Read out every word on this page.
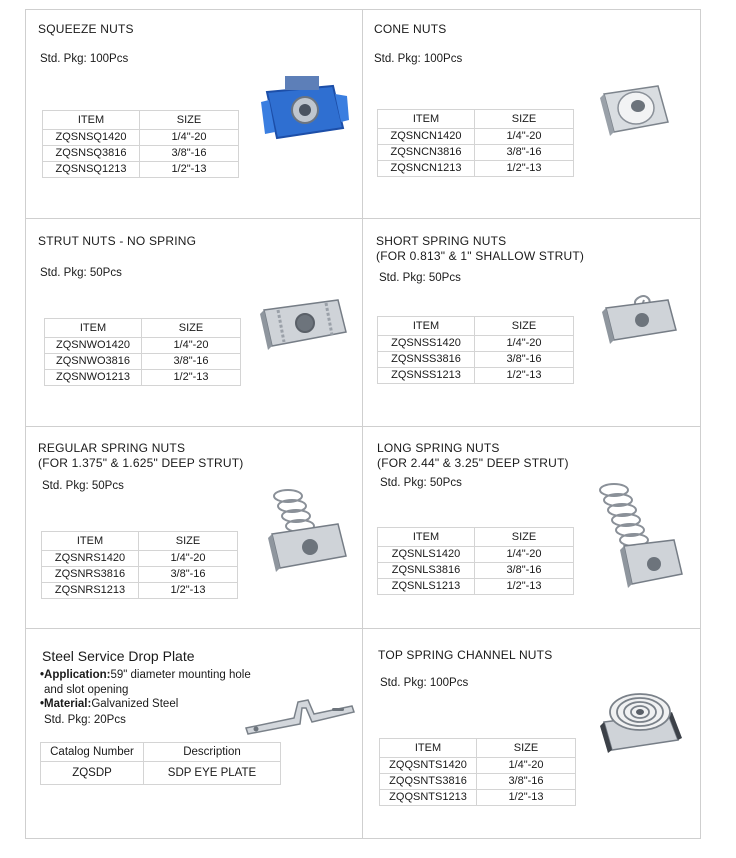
SQUEEZE NUTS
Std. Pkg: 100Pcs
ITEM	SIZE
ZQSNSQ1420	1/4"-20
ZQSNSQ3816	3/8"-16
ZQSNSQ1213	1/2"-13
CONE NUTS
Std. Pkg: 100Pcs
ITEM	SIZE
ZQSNCN1420	1/4"-20
ZQSNCN3816	3/8"-16
ZQSNCN1213	1/2"-13
STRUT NUTS - NO SPRING
Std. Pkg: 50Pcs
ITEM	SIZE
ZQSNWO1420	1/4"-20
ZQSNWO3816	3/8"-16
ZQSNWO1213	1/2"-13
SHORT SPRING NUTS
(FOR 0.813" & 1" SHALLOW STRUT)
Std. Pkg: 50Pcs
ITEM	SIZE
ZQSNSS1420	1/4"-20
ZQSNSS3816	3/8"-16
ZQSNSS1213	1/2"-13
REGULAR SPRING NUTS
(FOR 1.375" & 1.625" DEEP STRUT)
Std. Pkg: 50Pcs
ITEM	SIZE
ZQSNRS1420	1/4"-20
ZQSNRS3816	3/8"-16
ZQSNRS1213	1/2"-13
LONG SPRING NUTS
(FOR 2.44" & 3.25" DEEP STRUT)
Std. Pkg: 50Pcs
ITEM	SIZE
ZQSNLS1420	1/4"-20
ZQSNLS3816	3/8"-16
ZQSNLS1213	1/2"-13
Steel Service Drop Plate
•Application:59" diameter mounting hole
and slot opening
•Material:Galvanized Steel
Std. Pkg: 20Pcs
Catalog Number	Description
ZQSDP	SDP EYE PLATE
TOP SPRING CHANNEL NUTS
Std. Pkg: 100Pcs
ITEM	SIZE
ZQQSNTS1420	1/4"-20
ZQQSNTS3816	3/8"-16
ZQQSNTS1213	1/2"-13
